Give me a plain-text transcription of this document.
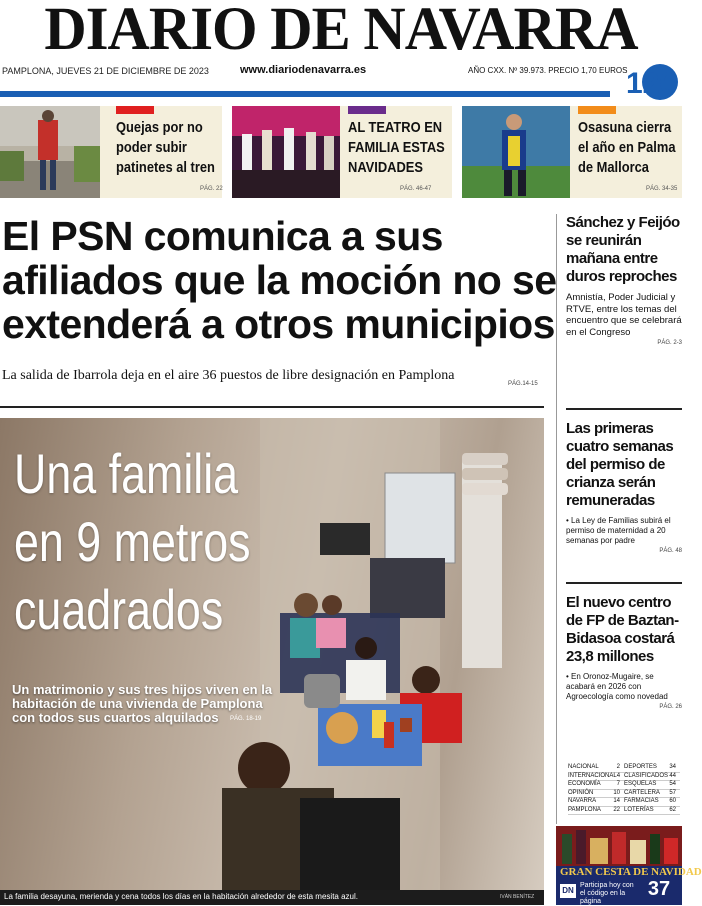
DIARIO DE NAVARRA
PAMPLONA, JUEVES 21 DE DICIEMBRE DE 2023	www.diariodenavarra.es	AÑO CXX. Nº 39.973. PRECIO 1,70 EUROS
120
Quejas por no poder subir patinetes al tren
PÁG. 22
AL TEATRO EN FAMILIA ESTAS NAVIDADES
PÁG. 46-47
Osasuna cierra el año en Palma de Mallorca
PÁG. 34-35
El PSN comunica a sus afiliados que la moción no se extenderá a otros municipios
La salida de Ibarrola deja en el aire 36 puestos de libre designación en Pamplona
PÁG.14-15
Una familia
en 9 metros
cuadrados
Un matrimonio y sus tres hijos viven en la habitación de una vivienda de Pamplona con todos sus cuartos alquilados	PÁG. 18-19
La familia desayuna, merienda y cena todos los días en la habitación alrededor de esta mesita azul.	IVÁN BENÍTEZ
Sánchez y Feijóo se reunirán mañana entre duros reproches
Amnistía, Poder Judicial y RTVE, entre los temas del encuentro que se celebrará en el Congreso
PÁG. 2-3
Las primeras cuatro semanas del permiso de crianza serán remuneradas
• La Ley de Familias subirá el permiso de maternidad a 20 semanas por padre
PÁG. 48
El nuevo centro de FP de Baztan-Bidasoa costará 23,8 millones
• En Oronoz-Mugaire, se acabará en 2026 con Agroecología como novedad
PÁG. 26
NACIONAL	2 DEPORTES 34
INTERNACIONAL 4 CLASIFICADOS 44
ECONOMÍA	7 ESQUELAS 54
OPINIÓN	10 CARTELERA 57
NAVARRA	14 FARMACIAS 60
PAMPLONA 22 LOTERÍAS	62
GRAN CESTA DE NAVIDAD
DN
Participa hoy con el código en la página
37
